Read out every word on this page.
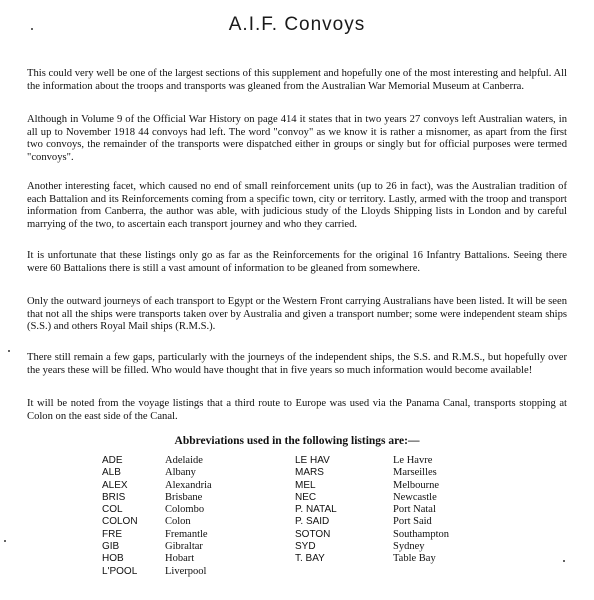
A.I.F. Convoys

This could very well be one of the largest sections of this supplement and hopefully one of the most interesting and helpful. All the information about the troops and transports was gleaned from the Australian War Memorial Museum at Canberra.

Although in Volume 9 of the Official War History on page 414 it states that in two years 27 convoys left Australian waters, in all up to November 1918 44 convoys had left. The word "convoy" as we know it is rather a misnomer, as apart from the first two convoys, the remainder of the transports were dispatched either in groups or singly but for official purposes were termed "convoys".

Another interesting facet, which caused no end of small reinforcement units (up to 26 in fact), was the Australian tradition of each Battalion and its Reinforcements coming from a specific town, city or territory. Lastly, armed with the troop and transport information from Canberra, the author was able, with judicious study of the Lloyds Shipping lists in London and by careful marrying of the two, to ascertain each transport journey and who they carried.

It is unfortunate that these listings only go as far as the Reinforcements for the original 16 Infantry Battalions. Seeing there were 60 Battalions there is still a vast amount of information to be gleaned from somewhere.

Only the outward journeys of each transport to Egypt or the Western Front carrying Australians have been listed. It will be seen that not all the ships were transports taken over by Australia and given a transport number; some were independent steam ships (S.S.) and others Royal Mail ships (R.M.S.).

There still remain a few gaps, particularly with the journeys of the independent ships, the S.S. and R.M.S., but hopefully over the years these will be filled. Who would have thought that in five years so much information would become available!

It will be noted from the voyage listings that a third route to Europe was used via the Panama Canal, transports stopping at Colon on the east side of the Canal.

Abbreviations used in the following listings are:—
ADE	Adelaide
ALB	Albany
ALEX	Alexandria
BRIS	Brisbane
COL	Colombo
COLON	Colon
FRE	Fremantle
GIB	Gibraltar
HOB	Hobart
L'POOL	Liverpool
LE HAV	Le Havre
MARS	Marseilles
MEL	Melbourne
NEC	Newcastle
P. NATAL	Port Natal
P. SAID	Port Said
SOTON	Southampton
SYD	Sydney
T. BAY	Table Bay
